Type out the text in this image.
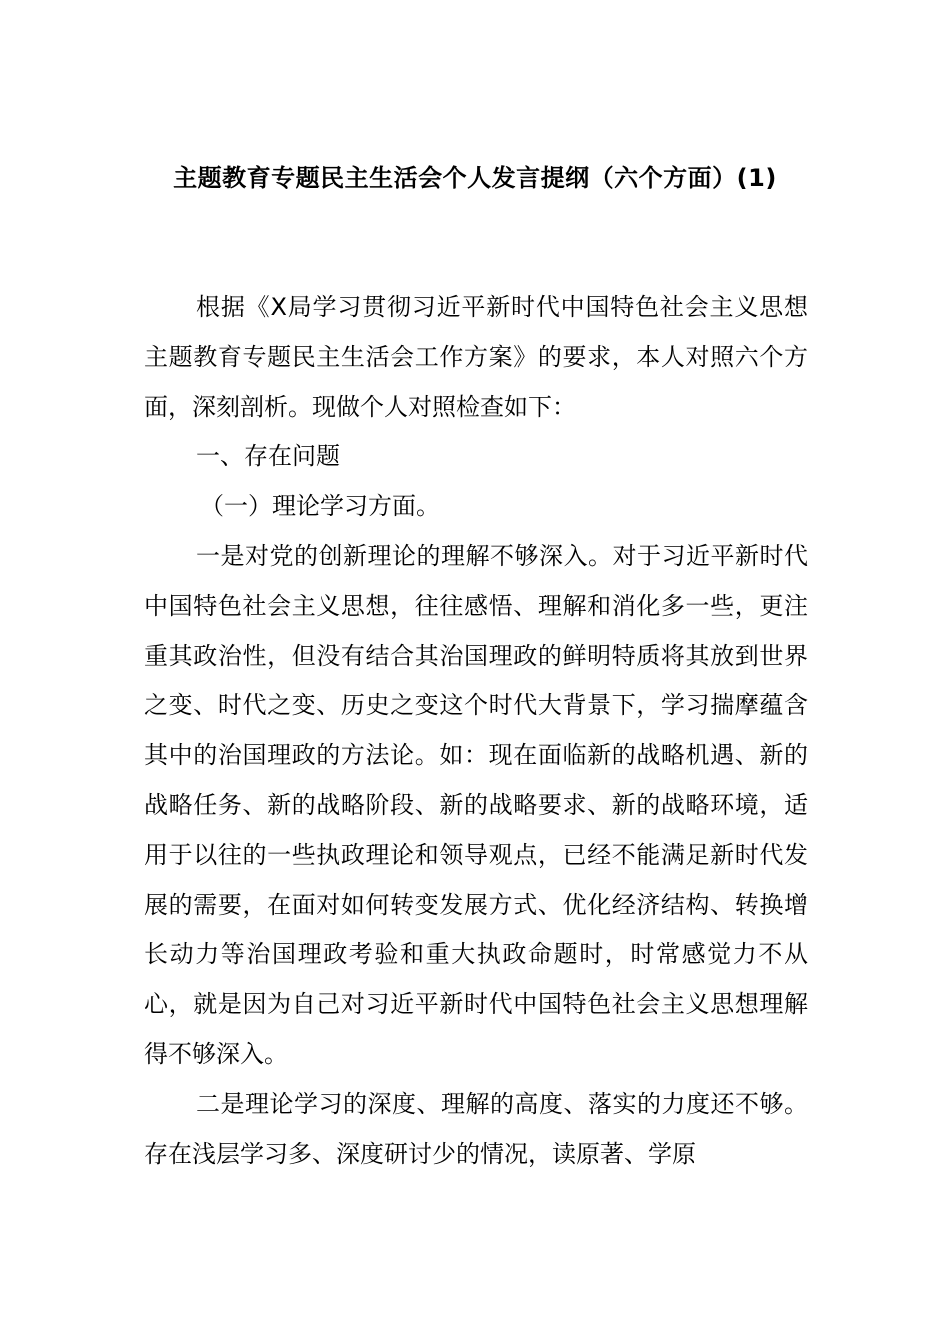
主题教育专题民主生活会个人发言提纲（六个方面）(1)

根据《X局学习贯彻习近平新时代中国特色社会主义思想主题教育专题民主生活会工作方案》的要求，本人对照六个方面，深刻剖析。现做个人对照检查如下：

一、存在问题

（一）理论学习方面。

一是对党的创新理论的理解不够深入。对于习近平新时代中国特色社会主义思想，往往感悟、理解和消化多一些，更注重其政治性，但没有结合其治国理政的鲜明特质将其放到世界之变、时代之变、历史之变这个时代大背景下，学习揣摩蕴含其中的治国理政的方法论。如：现在面临新的战略机遇、新的战略任务、新的战略阶段、新的战略要求、新的战略环境，适用于以往的一些执政理论和领导观点，已经不能满足新时代发展的需要，在面对如何转变发展方式、优化经济结构、转换增长动力等治国理政考验和重大执政命题时，时常感觉力不从心，就是因为自己对习近平新时代中国特色社会主义思想理解得不够深入。

二是理论学习的深度、理解的高度、落实的力度还不够。存在浅层学习多、深度研讨少的情况，读原著、学原
